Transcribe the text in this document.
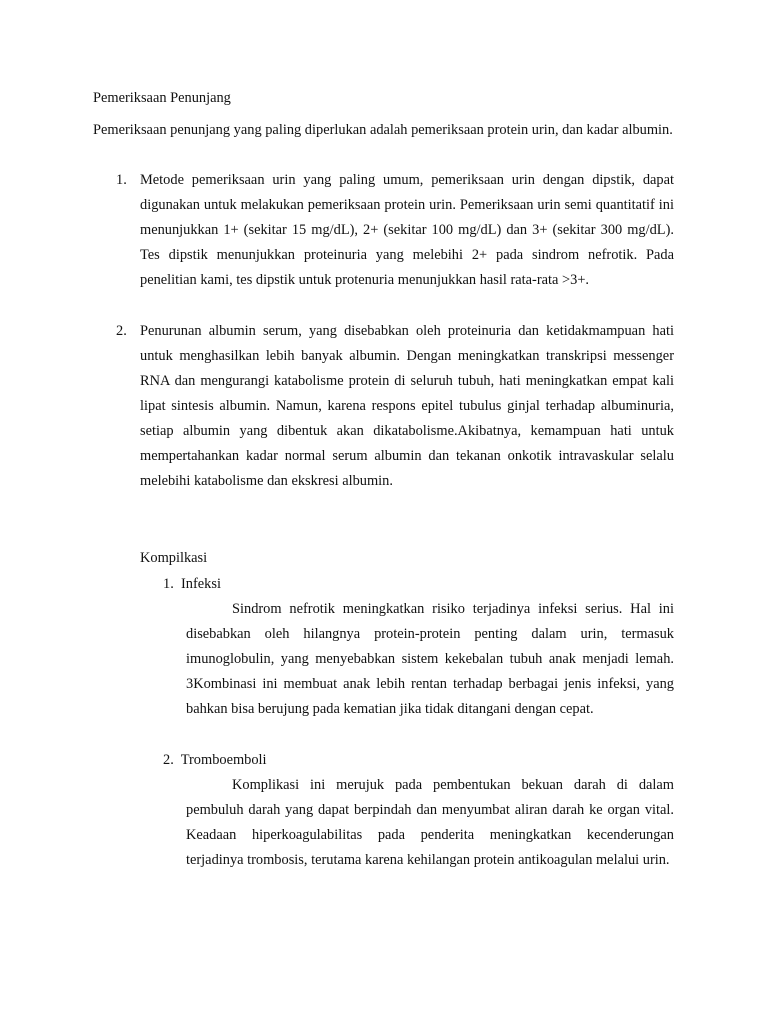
Pemeriksaan Penunjang

Pemeriksaan penunjang yang paling diperlukan adalah pemeriksaan protein urin, dan kadar albumin.

1. Metode pemeriksaan urin yang paling umum, pemeriksaan urin dengan dipstik, dapat digunakan untuk melakukan pemeriksaan protein urin. Pemeriksaan urin semi quantitatif ini menunjukkan 1+ (sekitar 15 mg/dL), 2+ (sekitar 100 mg/dL) dan 3+ (sekitar 300 mg/dL). Tes dipstik menunjukkan proteinuria yang melebihi 2+ pada sindrom nefrotik. Pada penelitian kami, tes dipstik untuk protenuria menunjukkan hasil rata-rata >3+.

2. Penurunan albumin serum, yang disebabkan oleh proteinuria dan ketidakmampuan hati untuk menghasilkan lebih banyak albumin. Dengan meningkatkan transkripsi messenger RNA dan mengurangi katabolisme protein di seluruh tubuh, hati meningkatkan empat kali lipat sintesis albumin. Namun, karena respons epitel tubulus ginjal terhadap albuminuria, setiap albumin yang dibentuk akan dikatabolisme.Akibatnya, kemampuan hati untuk mempertahankan kadar normal serum albumin dan tekanan onkotik intravaskular selalu melebihi katabolisme dan ekskresi albumin.

Kompilkasi

1.  Infeksi

Sindrom nefrotik meningkatkan risiko terjadinya infeksi serius. Hal ini disebabkan oleh hilangnya protein-protein penting dalam urin, termasuk imunoglobulin, yang menyebabkan sistem kekebalan tubuh anak menjadi lemah. 3Kombinasi ini membuat anak lebih rentan terhadap berbagai jenis infeksi, yang bahkan bisa berujung pada kematian jika tidak ditangani dengan cepat.

2.  Tromboemboli

Komplikasi ini merujuk pada pembentukan bekuan darah di dalam pembuluh darah yang dapat berpindah dan menyumbat aliran darah ke organ vital. Keadaan hiperkoagulabilitas pada penderita meningkatkan kecenderungan terjadinya trombosis, terutama karena kehilangan protein antikoagulan melalui urin.
